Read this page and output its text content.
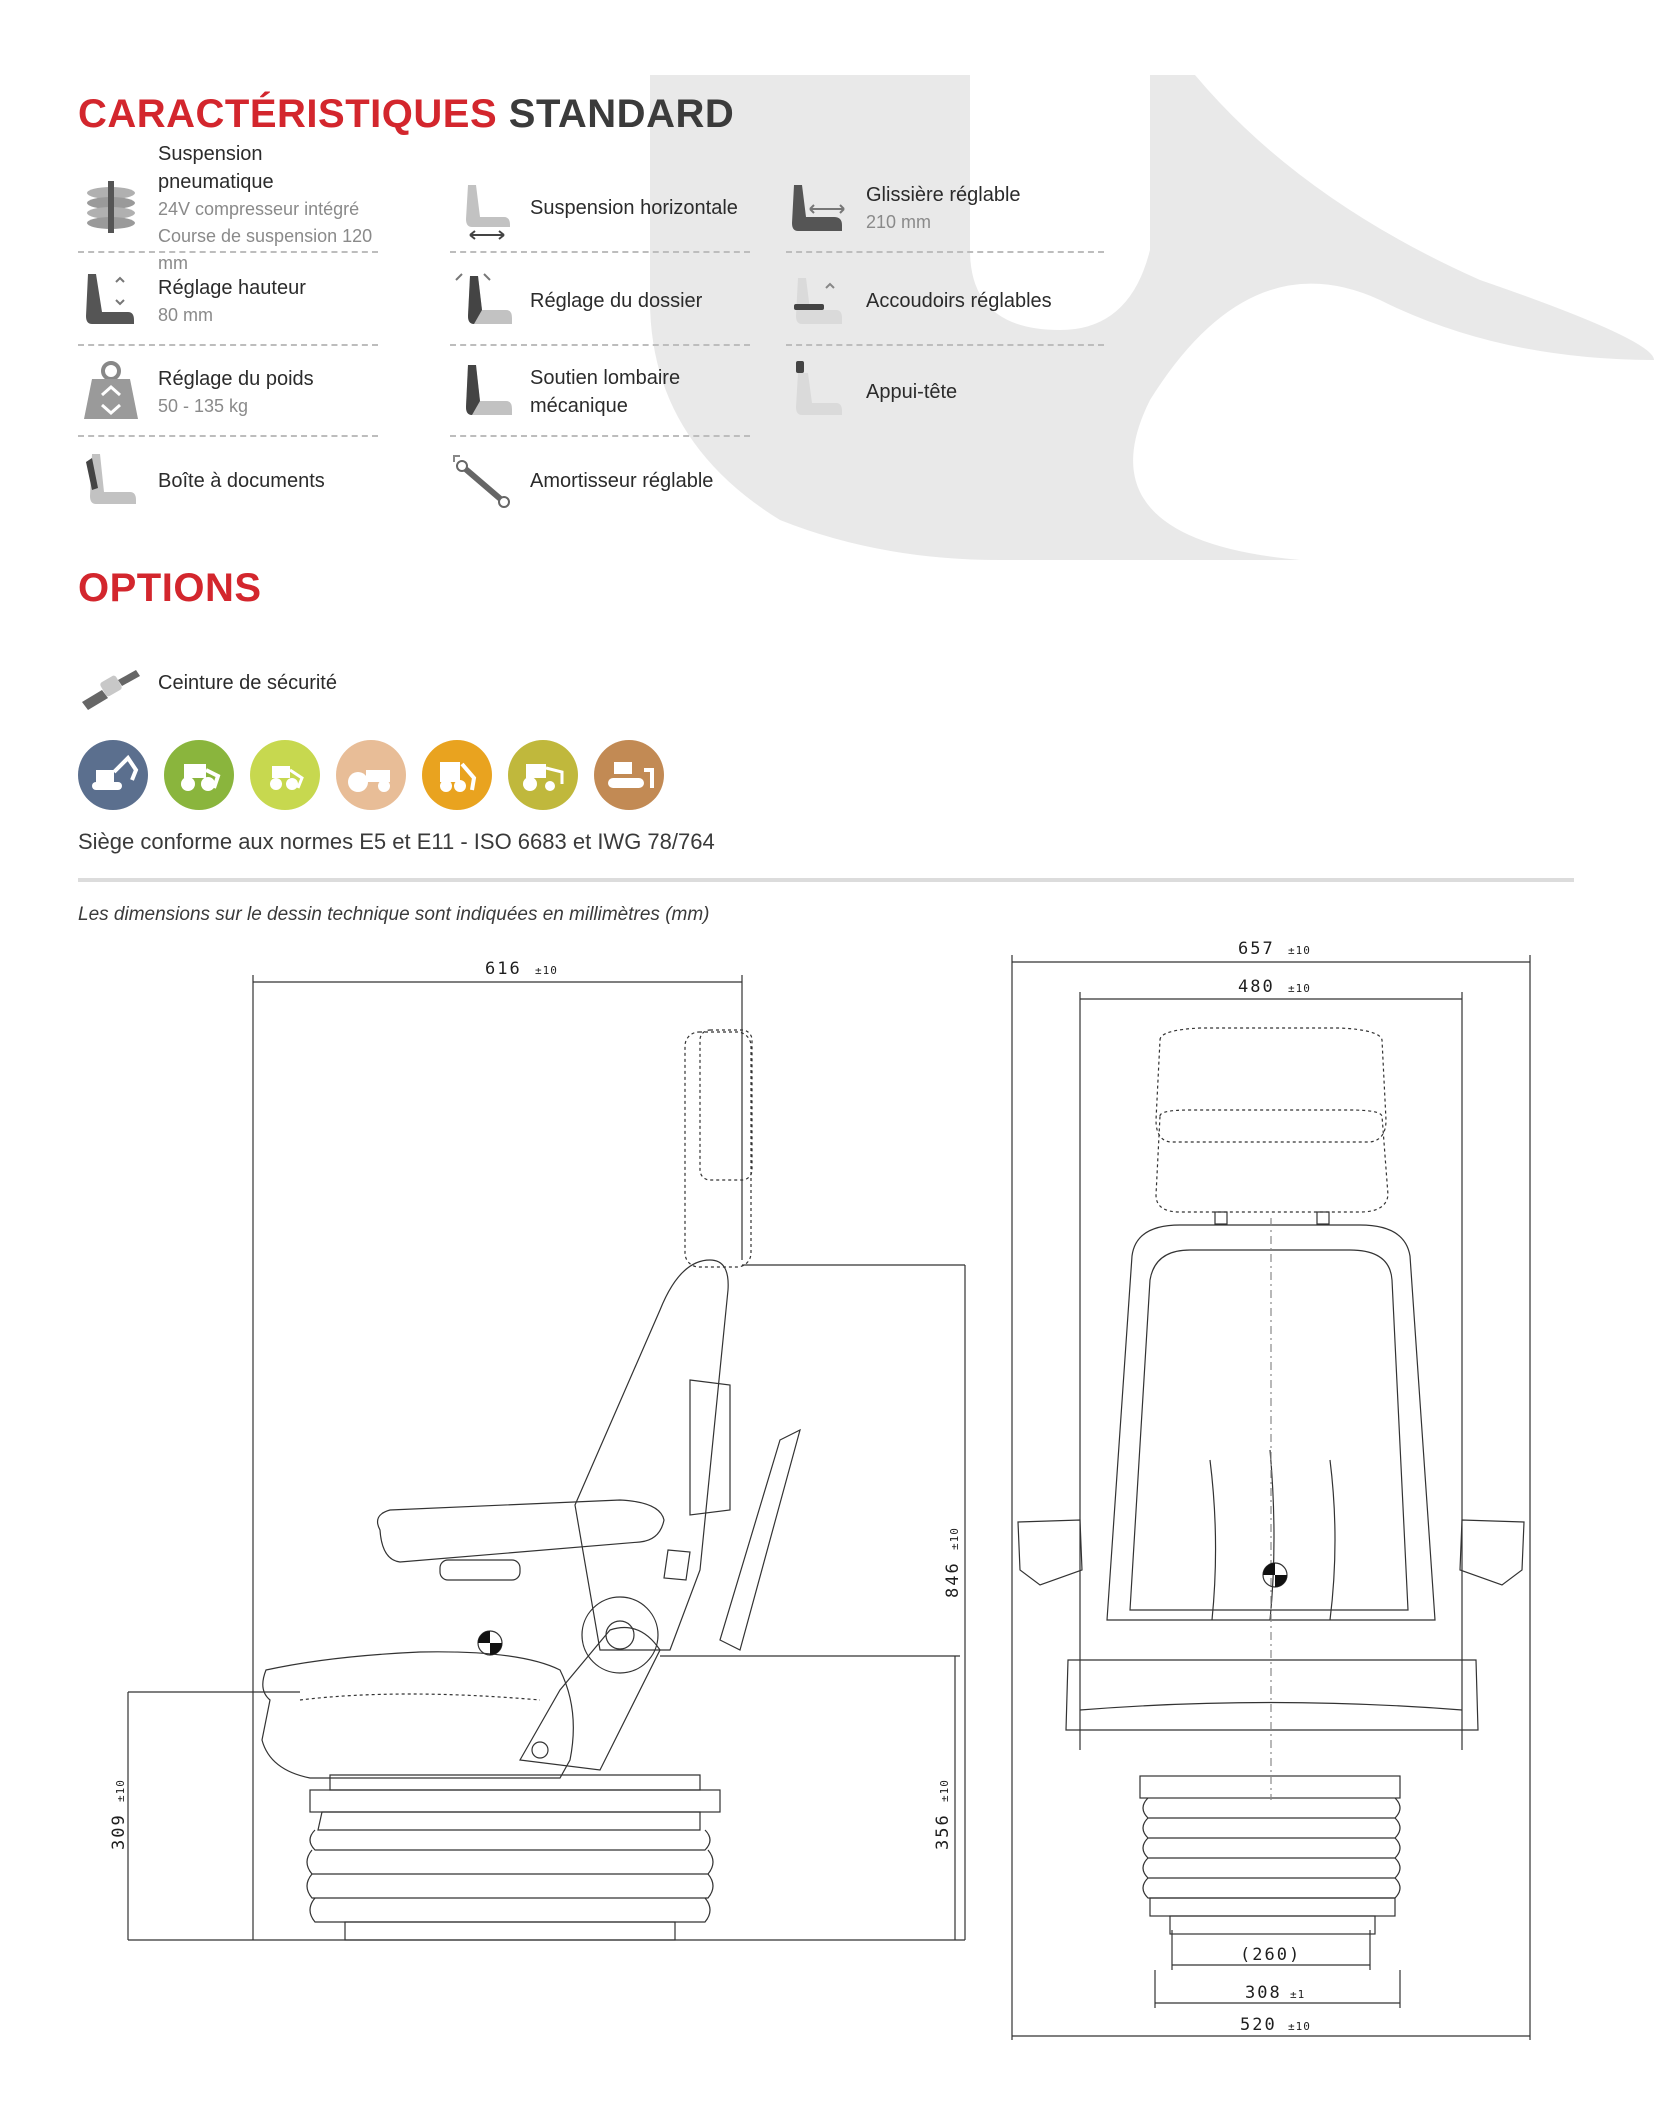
CARACTÉRISTIQUES STANDARD
Suspension pneumatique
24V compresseur intégré
Course de suspension 120 mm
Réglage hauteur
80 mm
Réglage du poids
50 - 135 kg
Boîte à documents
Suspension horizontale
Réglage du dossier
Soutien lombaire
mécanique
Amortisseur réglable
Glissière réglable
210 mm
Accoudoirs réglables
Appui-tête
OPTIONS
Ceinture de sécurité
Siège conforme aux normes E5 et E11 - ISO 6683 et IWG 78/764
Les dimensions sur le dessin technique sont indiquées en millimètres (mm)
616 ±10
846
±10
309
±10
356
±10
657 ±10
480 ±10
(260)
308 ±1
520 ±10
